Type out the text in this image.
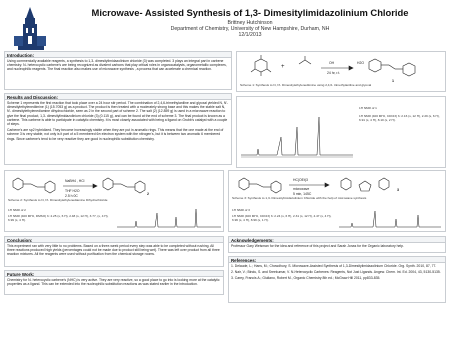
Microwave- Assisted Synthesis of 1,3- Dimesitylimidazolinium Chloride
Brittney Hutchinson
Department of Chemistry, University of New Hampshire, Durham, NH
12/1/2013
Introduction:
Using commercially available reagents, a synthesis to 1,3- dimesitylimidazolinium chloride (3) was completed. 3 plays an integral part in carbene chemistry. N- heterocyclic carbene's are being recognized as divalent carbons that play critical roles in organocatalysts, organometallic complexes, and nucleophilic reagents. The final reaction also makes use of microwave synthesis , a process that can accelerate a chemical reaction.	+
OH
24 hr, r.t.
H2O
1
Scheme 1: Synthesis to N, N'- Dimesitylethylenediimine using 2,4,6- trimethylaniline and glyoxal
Results and Discussion:
Scheme 1 represents the first reaction that took place over a 24 hour stir period. The combination of 2,4,6-trimethylaniline and glyoxal yielded N, N'-dimesitylethylenediimine (1) (15.7053 g) as a product. The product is then treated with a moderately strong base and this makes the stable salt N, N'- dimesitylethylenediamine dihydrochloride, seen as 2 in the second part of scheme 2. The salt (2) (12.859 g) is used in a microwave reaction to give the final product, 1,3- dimesitylimidazolinium chloride (3) (0.115 g), and can be found at the end of scheme 3. The final product is known as a carbene. This carbene is able to participate in catalytic chemistry. It is most closely associated with being a ligand on Grubb's catalyst with a couple of steps.
Carbene's are sp2 hybridized. They become increasingly stable when they are put in aromatic rings. This means that the one made at the end of scheme 3 is very stable, not only is it part of a 5 membered 6π electron system with the nitrogen's, but it is between two aromatic 6 membered rings. Since carbene's tend to be very reactive they are good in nucleophilic substitution chemistry.
1H NMR of 1
1H NMR (400 MHz, CDCl3) δ: 2.16 (s, 12 H), 2.29 (s, 6 H), 6.91 (s, 4 H), 8.10 (s, 2 H).
NaBH4 , HCl
THF H2O
2.5 h 0C	2
Scheme 2: Synthesis to N, N'- Dimesitylethylenediamine Dihydrochloride
1H NMR of 2
1H NMR (400 MHz, DMSO) δ: 2.25 (s, 6 H), 2.48 (s, 12 H), 3.77, (s, 4 H), 6.99 (s, 4 H).
HC(OEt)3
microwave
5 min, 145C
3
Scheme 3: Synthesis to 1,3- Dimesitylimidazolinium Chloride with the help of microwave synthesis
1H NMR of 3
1H NMR (400 MHz, CDCl3) δ: 2.24 (s, 6 H), 2.31 (s, 12 H), 4.47 (s, 4 H), 6.96 (s, 4 H), 8.99 (s, 1 H).
Conclusion:
This experiment ran with very little to no problems. Based on a three-week period every step was able to be completed without rushing. All three reactions produced high yields (percentages could not be made due to product still being wet). There was left over product from all three reaction mixtures. All the reagents were used without purification from the chemical storage rooms.
Future Work:
Chemistry for N- heterocyclic carbene's (NHC) is very active. They are very reactive, so a good place to go into is looking more at the catalytic properties as a ligand. This can be extended into the nucleophilic substitution reactions as was stated earlier in the introduction.
Acknowledgements:
Professor Gary Weisman for the idea and reference of this project and Sarah Jonas for the Organic laboratory help.
References:
1. Delaude, L.; Hans, M.; Chowdhury, S. Microwave-Assisted Synthesis of 1,3-Dimesitylimidazolinium Chloride. Org. Synth. 2010, 87, 77.
2. Nair, V.; Bindu, S. and Sreekumar, V. N-Heterocyclic Carbenes: Reagents, Not Just Ligands. Angew. Chem. Int. Ed. 2004, 43, 5130-5135.
3. Carey, Francis A.; Giuliano, Robert M., Organic Chemistry 8th ed.; McGraw Hill 2011, pp833-835.
